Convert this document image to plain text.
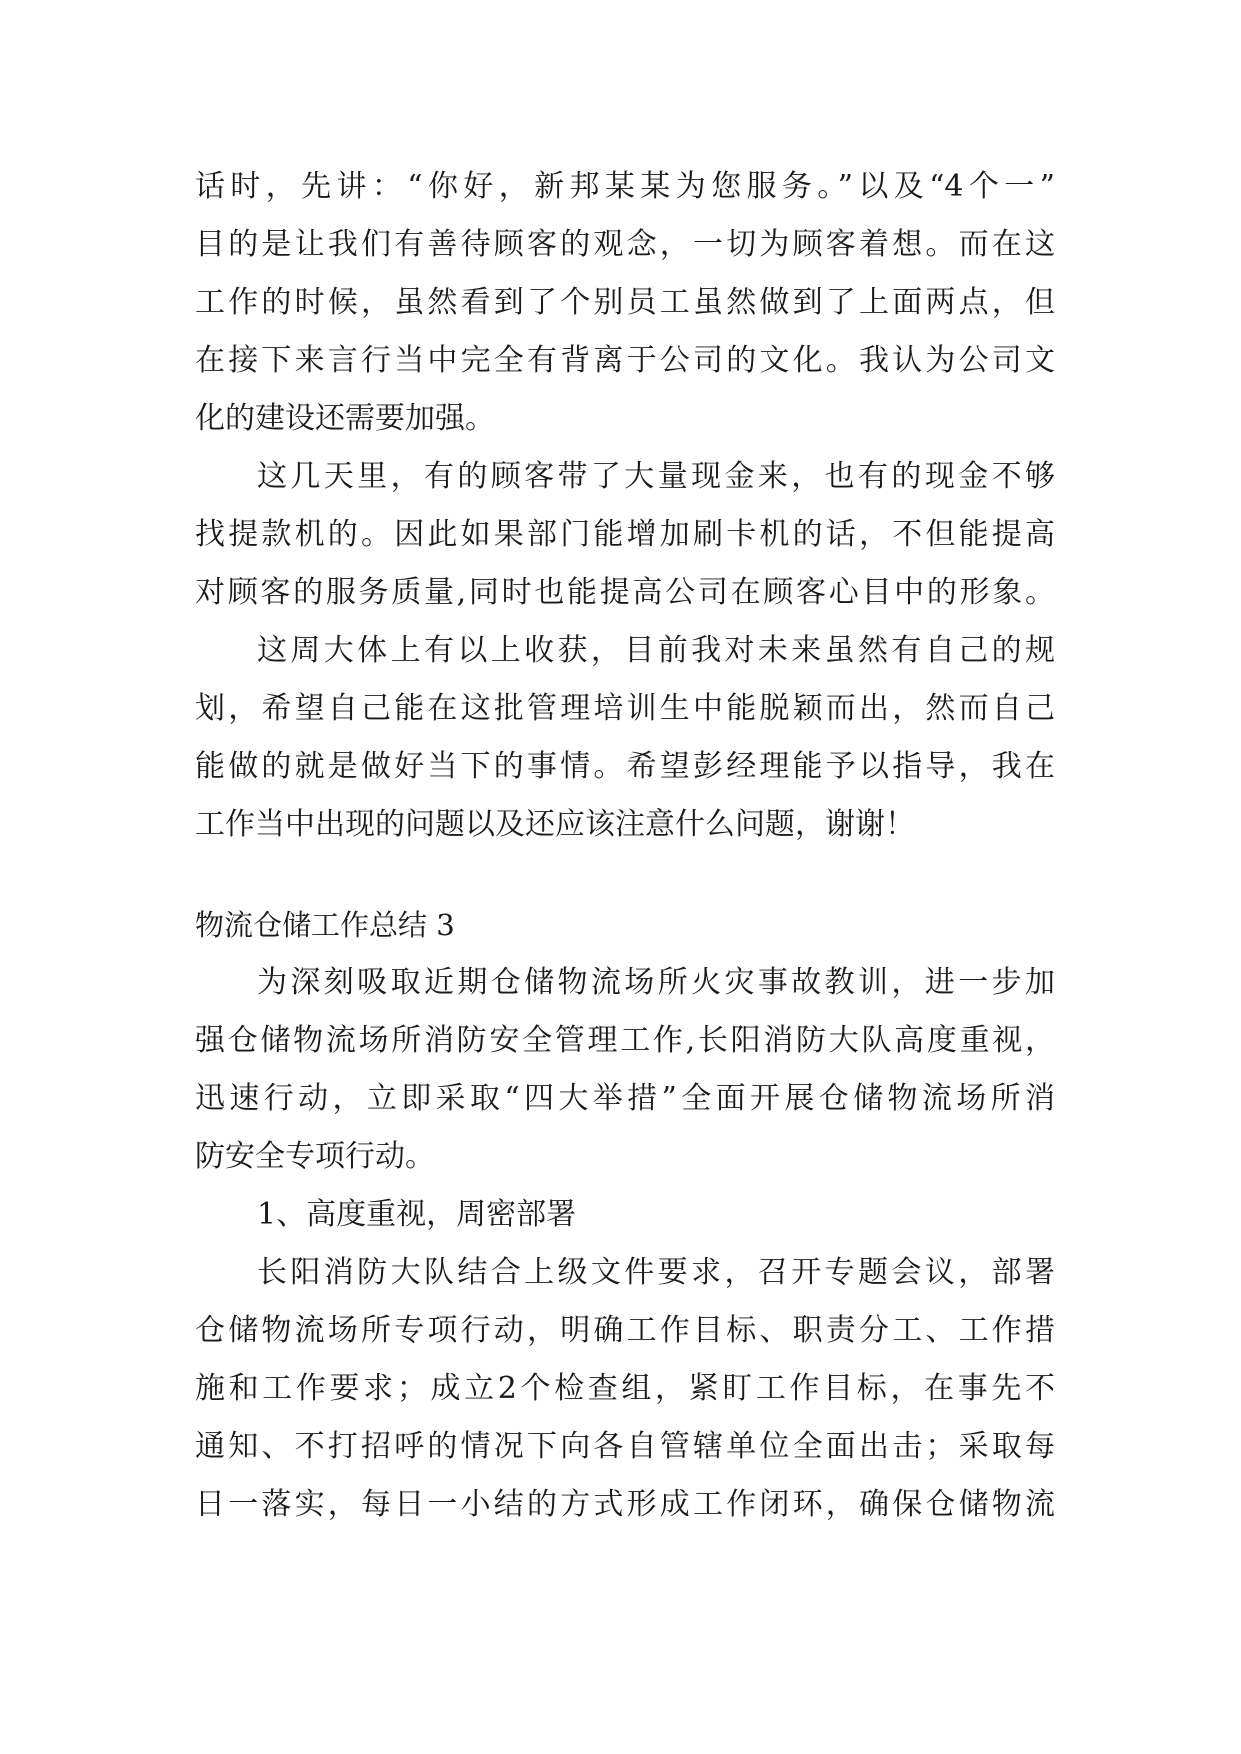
话时，先讲：“你好，新邦某某为您服务。”以及“4个一”
目的是让我们有善待顾客的观念，一切为顾客着想。而在这
工作的时候，虽然看到了个别员工虽然做到了上面两点，但
在接下来言行当中完全有背离于公司的文化。我认为公司文
化的建设还需要加强。
这几天里，有的顾客带了大量现金来，也有的现金不够
找提款机的。因此如果部门能增加刷卡机的话，不但能提高
对顾客的服务质量,同时也能提高公司在顾客心目中的形象。
这周大体上有以上收获，目前我对未来虽然有自己的规
划，希望自己能在这批管理培训生中能脱颖而出，然而自己
能做的就是做好当下的事情。希望彭经理能予以指导，我在
工作当中出现的问题以及还应该注意什么问题，谢谢！
物流仓储工作总结 3
为深刻吸取近期仓储物流场所火灾事故教训，进一步加
强仓储物流场所消防安全管理工作,长阳消防大队高度重视，
迅速行动，立即采取“四大举措”全面开展仓储物流场所消
防安全专项行动。
1、高度重视，周密部署
长阳消防大队结合上级文件要求，召开专题会议，部署
仓储物流场所专项行动，明确工作目标、职责分工、工作措
施和工作要求；成立2个检查组，紧盯工作目标，在事先不
通知、不打招呼的情况下向各自管辖单位全面出击；采取每
日一落实，每日一小结的方式形成工作闭环，确保仓储物流
